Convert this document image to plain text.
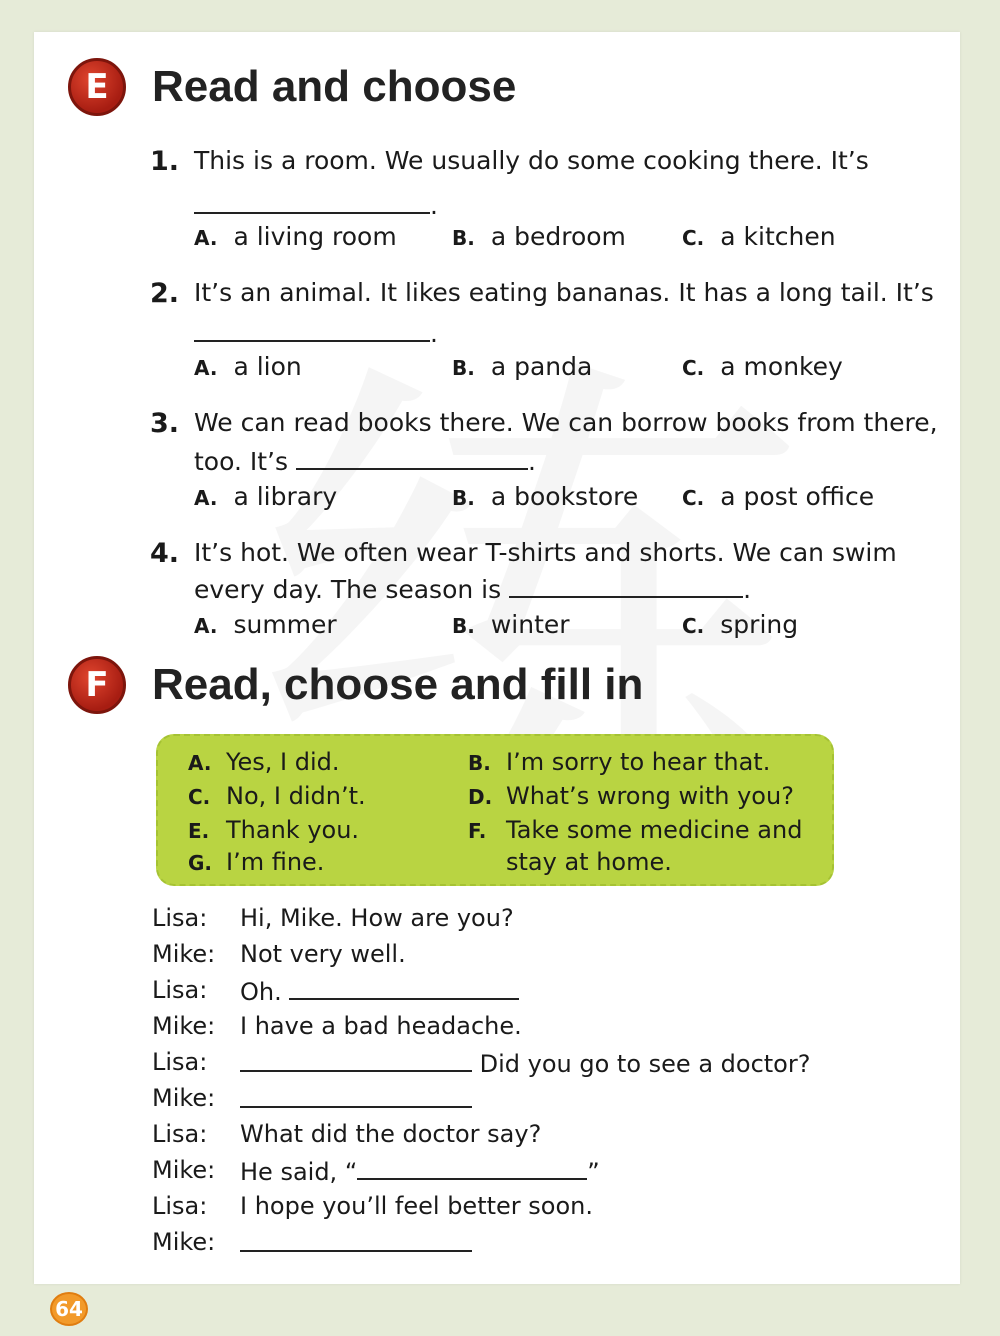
E Read and choose
1. This is a room. We usually do some cooking there. It’s
.
A. a living room	B. a bedroom	C. a kitchen
2. It’s an animal. It likes eating bananas. It has a long tail. It’s
.
A. a lion	B. a panda	C. a monkey
3. We can read books there. We can borrow books from there,
too. It’s	.
A. a library	B. a bookstore C. a post office
4. It’s hot. We often wear T-shirts and shorts. We can swim
every day. The season is	.
A. summer	B. winter	C. spring
F Read, choose and fill in
A. Yes, I did.	B. I’m sorry to hear that.
C. No, I didn’t.	D. What’s wrong with you?
E. Thank you.	F. Take some medicine and
G. I’m fine.	stay at home.
Lisa: Hi, Mike. How are you?
Mike: Not very well.
Lisa: Oh.
Mike: I have a bad headache.
Lisa:	Did you go to see a doctor?
Mike:
Lisa: What did the doctor say?
Mike: He said, “	”
Lisa: I hope you’ll feel better soon.
Mike:
64
